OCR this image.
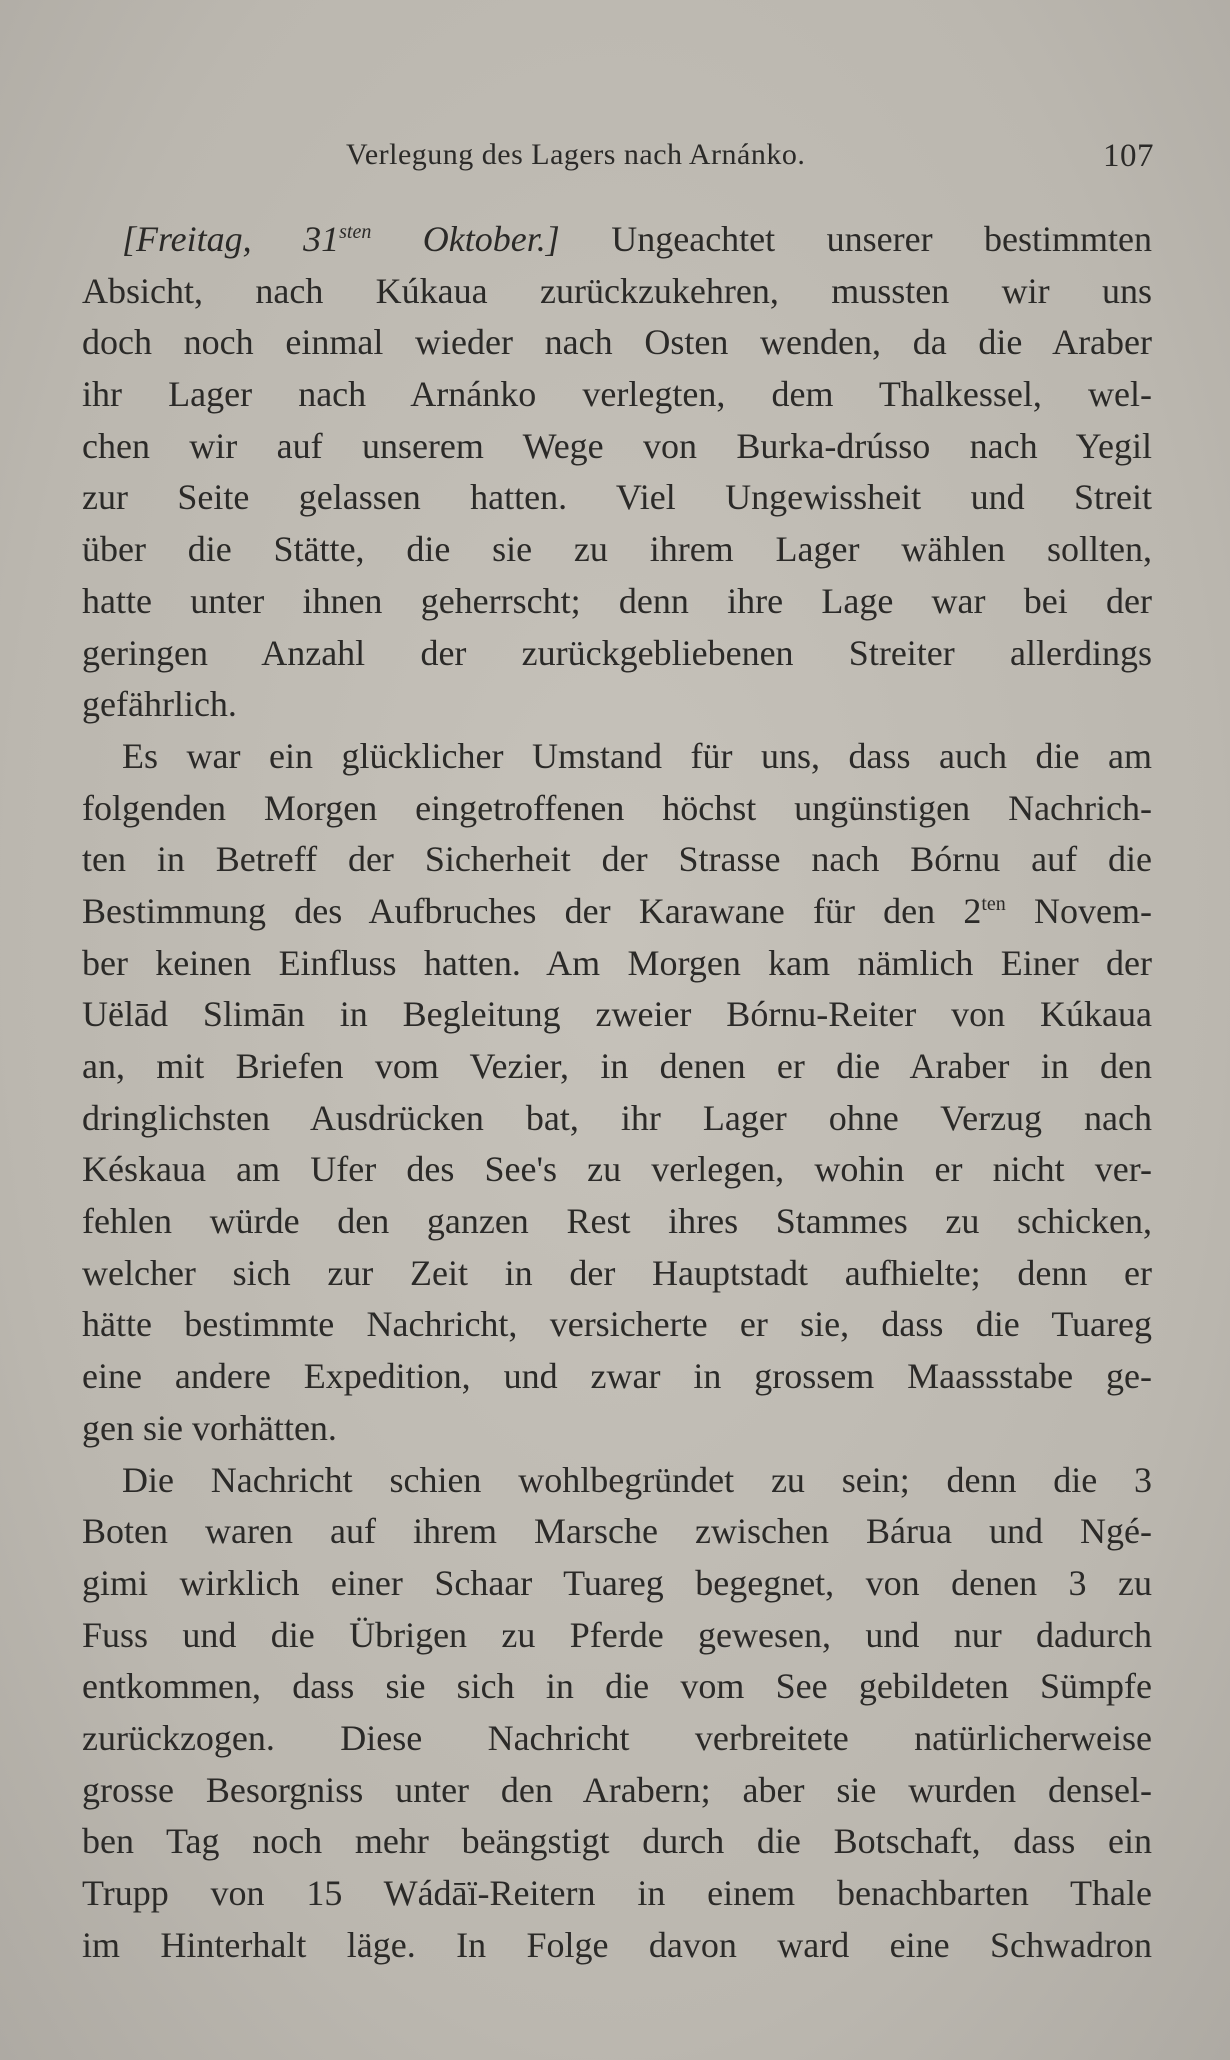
Verlegung des Lagers nach Arnánko.	107
[Freitag, $31^{sten}$ Oktober.] Ungeachtet unserer bestimmten
Absicht, nach Kúkaua zurückzukehren, mussten wir uns
doch noch einmal wieder nach Osten wenden, da die Araber
ihr Lager nach Arnánko verlegten, dem Thalkessel, wel-
chen wir auf unserem Wege von Burka-drússo nach Yegil
zur Seite gelassen hatten. Viel Ungewissheit und Streit
über die Stätte, die sie zu ihrem Lager wählen sollten,
hatte unter ihnen geherrscht; denn ihre Lage war bei der
geringen Anzahl der zurückgebliebenen Streiter allerdings
gefährlich.
Es war ein glücklicher Umstand für uns, dass auch die am
folgenden Morgen eingetroffenen höchst ungünstigen Nachrich-
ten in Betreff der Sicherheit der Strasse nach Bórnu auf die
Bestimmung des Aufbruches der Karawane für den $2^{ten}$ Novem-
ber keinen Einfluss hatten. Am Morgen kam nämlich Einer der
Uëlād Slimān in Begleitung zweier Bórnu-Reiter von Kúkaua
an, mit Briefen vom Vezier, in denen er die Araber in den
dringlichsten Ausdrücken bat, ihr Lager ohne Verzug nach
Késkaua am Ufer des See's zu verlegen, wohin er nicht ver-
fehlen würde den ganzen Rest ihres Stammes zu schicken,
welcher sich zur Zeit in der Hauptstadt aufhielte; denn er
hätte bestimmte Nachricht, versicherte er sie, dass die Tuareg
eine andere Expedition, und zwar in grossem Maassstabe ge-
gen sie vorhätten.
Die Nachricht schien wohlbegründet zu sein; denn die 3
Boten waren auf ihrem Marsche zwischen Bárua und Ngé-
gimi wirklich einer Schaar Tuareg begegnet, von denen 3 zu
Fuss und die Übrigen zu Pferde gewesen, und nur dadurch
entkommen, dass sie sich in die vom See gebildeten Sümpfe
zurückzogen. Diese Nachricht verbreitete natürlicherweise
grosse Besorgniss unter den Arabern; aber sie wurden densel-
ben Tag noch mehr beängstigt durch die Botschaft, dass ein
Trupp von 15 Wádāï-Reitern in einem benachbarten Thale
im Hinterhalt läge. In Folge davon ward eine Schwadron
